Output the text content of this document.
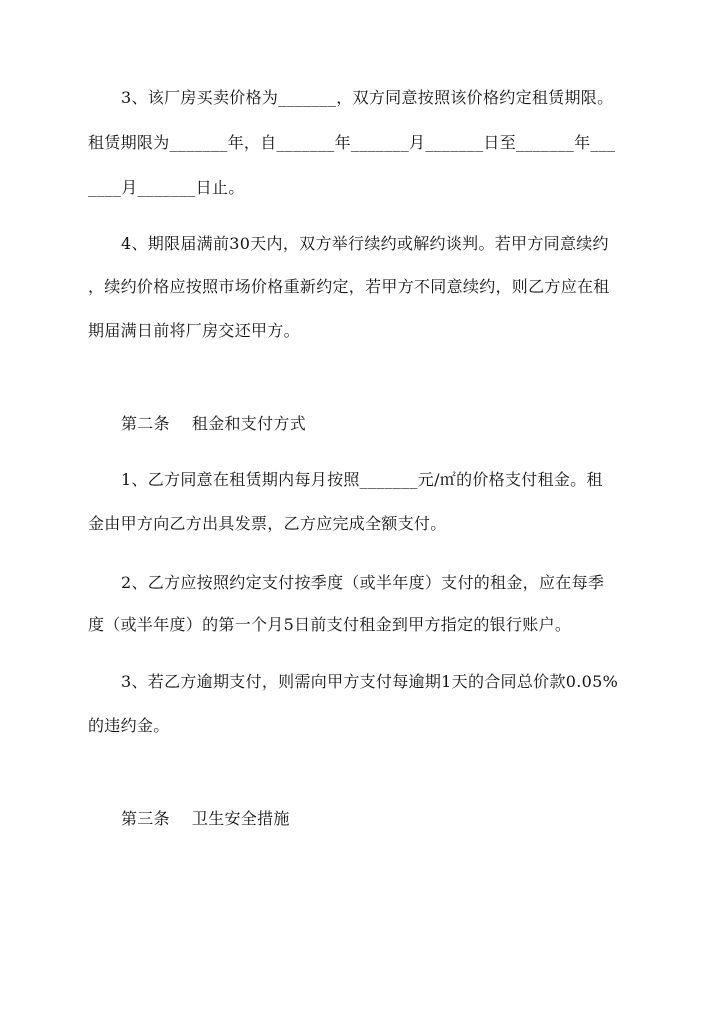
3、该厂房买卖价格为_______，双方同意按照该价格约定租赁期限。
租赁期限为_______年，自_______年_______月_______日至_______年___
____月_______日止。
4、期限届满前30天内，双方举行续约或解约谈判。若甲方同意续约
，续约价格应按照市场价格重新约定，若甲方不同意续约，则乙方应在租
期届满日前将厂房交还甲方。
第二条 租金和支付方式
1、乙方同意在租赁期内每月按照_______元/㎡的价格支付租金。租
金由甲方向乙方出具发票，乙方应完成全额支付。
2、乙方应按照约定支付按季度（或半年度）支付的租金，应在每季
度（或半年度）的第一个月5日前支付租金到甲方指定的银行账户。
3、若乙方逾期支付，则需向甲方支付每逾期1天的合同总价款0.05%
的违约金。
第三条 卫生安全措施
